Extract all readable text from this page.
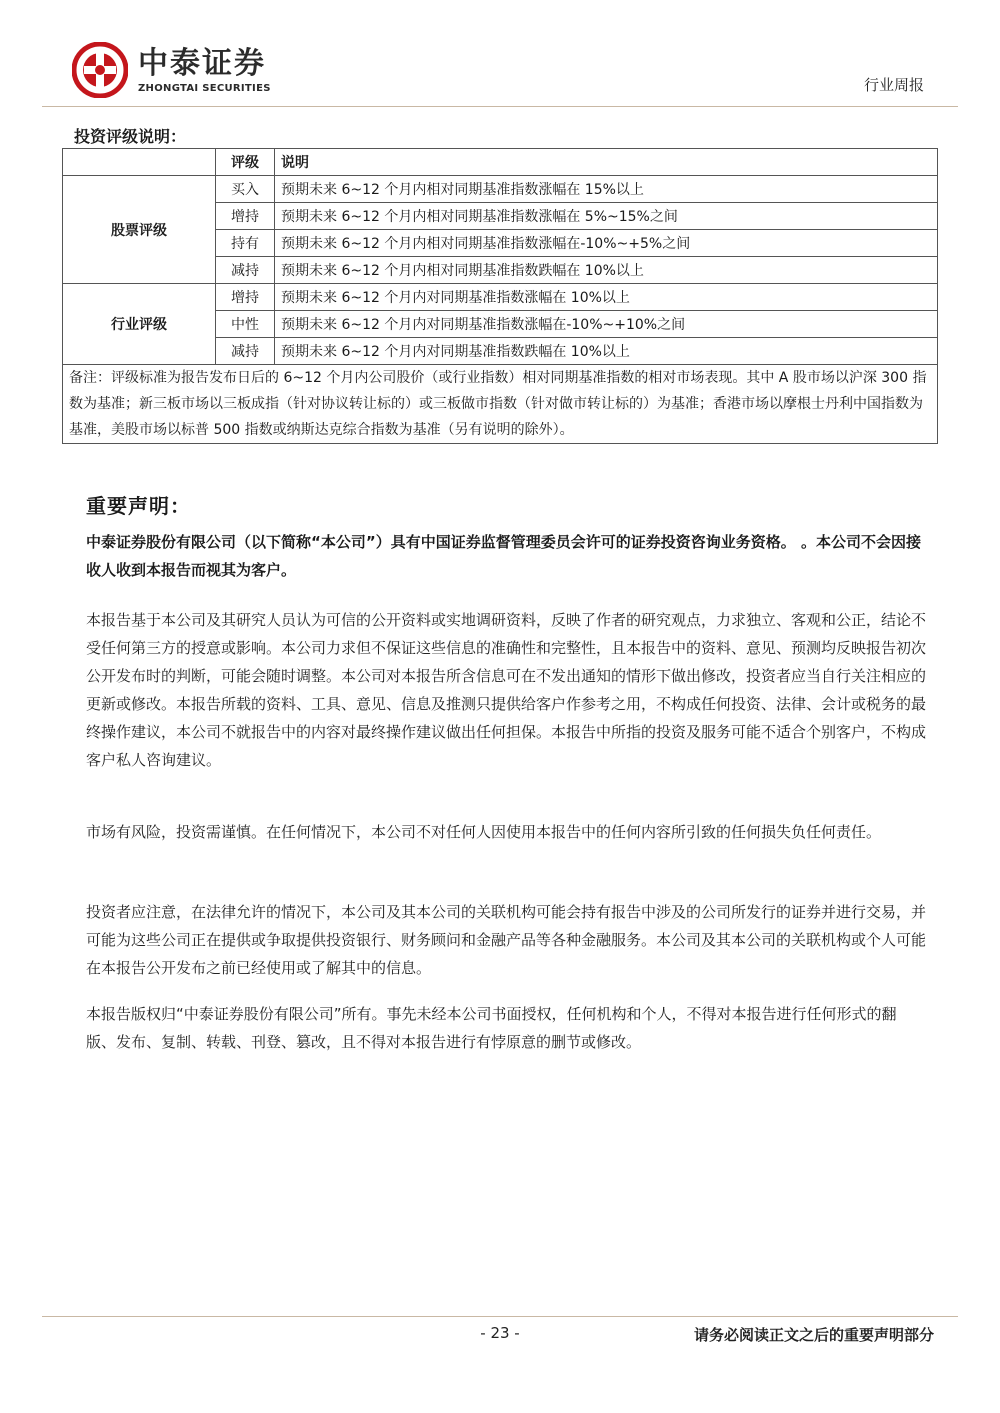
中泰证券
ZHONGTAI SECURITIES	行业周报
投资评级说明：
	评级	说明
股票评级	买入	预期未来 6~12 个月内相对同期基准指数涨幅在 15%以上
	增持	预期未来 6~12 个月内相对同期基准指数涨幅在 5%~15%之间
	持有	预期未来 6~12 个月内相对同期基准指数涨幅在-10%~+5%之间
	减持	预期未来 6~12 个月内相对同期基准指数跌幅在 10%以上
行业评级	增持	预期未来 6~12 个月内对同期基准指数涨幅在 10%以上
	中性	预期未来 6~12 个月内对同期基准指数涨幅在-10%~+10%之间
	减持	预期未来 6~12 个月内对同期基准指数跌幅在 10%以上
备注：评级标准为报告发布日后的 6~12 个月内公司股价（或行业指数）相对同期基准指数的相对市场表现。其中 A 股市场以沪深 300 指数为基准；新三板市场以三板成指（针对协议转让标的）或三板做市指数（针对做市转让标的）为基准；香港市场以摩根士丹利中国指数为基准，美股市场以标普 500 指数或纳斯达克综合指数为基准（另有说明的除外）。		
重要声明：
中泰证券股份有限公司（以下简称“本公司”）具有中国证券监督管理委员会许可的证券投资咨询业务资格。 。本公司不会因接收人收到本报告而视其为客户。
本报告基于本公司及其研究人员认为可信的公开资料或实地调研资料，反映了作者的研究观点，力求独立、客观和公正，结论不受任何第三方的授意或影响。本公司力求但不保证这些信息的准确性和完整性，且本报告中的资料、意见、预测均反映报告初次公开发布时的判断，可能会随时调整。本公司对本报告所含信息可在不发出通知的情形下做出修改，投资者应当自行关注相应的更新或修改。本报告所载的资料、工具、意见、信息及推测只提供给客户作参考之用，不构成任何投资、法律、会计或税务的最终操作建议，本公司不就报告中的内容对最终操作建议做出任何担保。本报告中所指的投资及服务可能不适合个别客户，不构成客户私人咨询建议。
市场有风险，投资需谨慎。在任何情况下，本公司不对任何人因使用本报告中的任何内容所引致的任何损失负任何责任。
投资者应注意，在法律允许的情况下，本公司及其本公司的关联机构可能会持有报告中涉及的公司所发行的证券并进行交易，并可能为这些公司正在提供或争取提供投资银行、财务顾问和金融产品等各种金融服务。本公司及其本公司的关联机构或个人可能在本报告公开发布之前已经使用或了解其中的信息。
本报告版权归“中泰证券股份有限公司”所有。事先未经本公司书面授权，任何机构和个人，不得对本报告进行任何形式的翻版、发布、复制、转载、刊登、篡改，且不得对本报告进行有悖原意的删节或修改。
- 23 -	请务必阅读正文之后的重要声明部分
